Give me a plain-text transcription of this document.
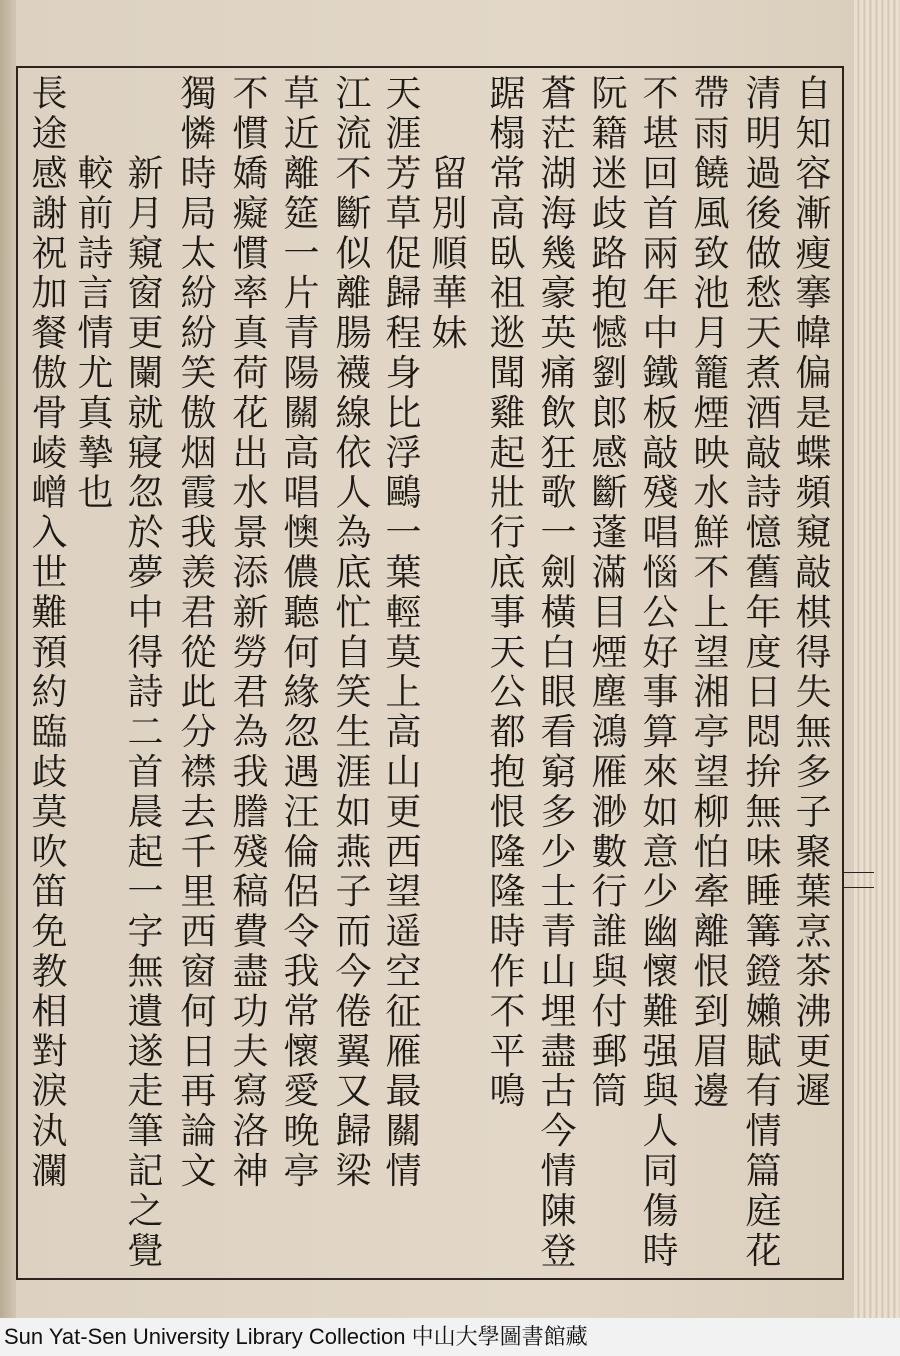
自知容漸瘦搴幃偏是蝶頻窺敲棋得失無多子聚葉烹茶沸更遲
清明過後做愁天煮酒敲詩憶舊年度日悶拚無味睡篝鐙嬾賦有情篇庭花
帶雨饒風致池月籠煙映水鮮不上望湘亭望柳怕牽離恨到眉邊
不堪回首兩年中鐵板敲殘唱惱公好事算來如意少幽懷難强與人同傷時
阮籍迷歧路抱憾劉郎感斷蓬滿目煙塵鴻雁渺數行誰與付郵筒
蒼茫湖海幾豪英痛飲狂歌一劍橫白眼看窮多少士青山埋盡古今情陳登
踞榻常高臥祖逖聞雞起壯行底事天公都抱恨隆隆時作不平鳴
　　留別順華妹
天涯芳草促歸程身比浮鷗一葉輕莫上高山更西望遥空征雁最關情
江流不斷似離腸襪線依人為底忙自笑生涯如燕子而今倦翼又歸梁
草近離筵一片青陽關高唱懊儂聽何緣忽遇汪倫侶令我常懷愛晚亭
不慣嬌癡慣率真荷花出水景添新勞君為我謄殘稿費盡功夫寫洛神
獨憐時局太紛紛笑傲烟霞我羡君從此分襟去千里西窗何日再論文
　　新月窺窗更闌就寢忽於夢中得詩二首晨起一字無遺遂走筆記之覺
　　較前詩言情尤真摯也
長途感謝祝加餐傲骨崚嶒入世難預約臨歧莫吹笛免教相對淚汍瀾
Sun Yat-Sen University Library Collection 中山大學圖書館藏
